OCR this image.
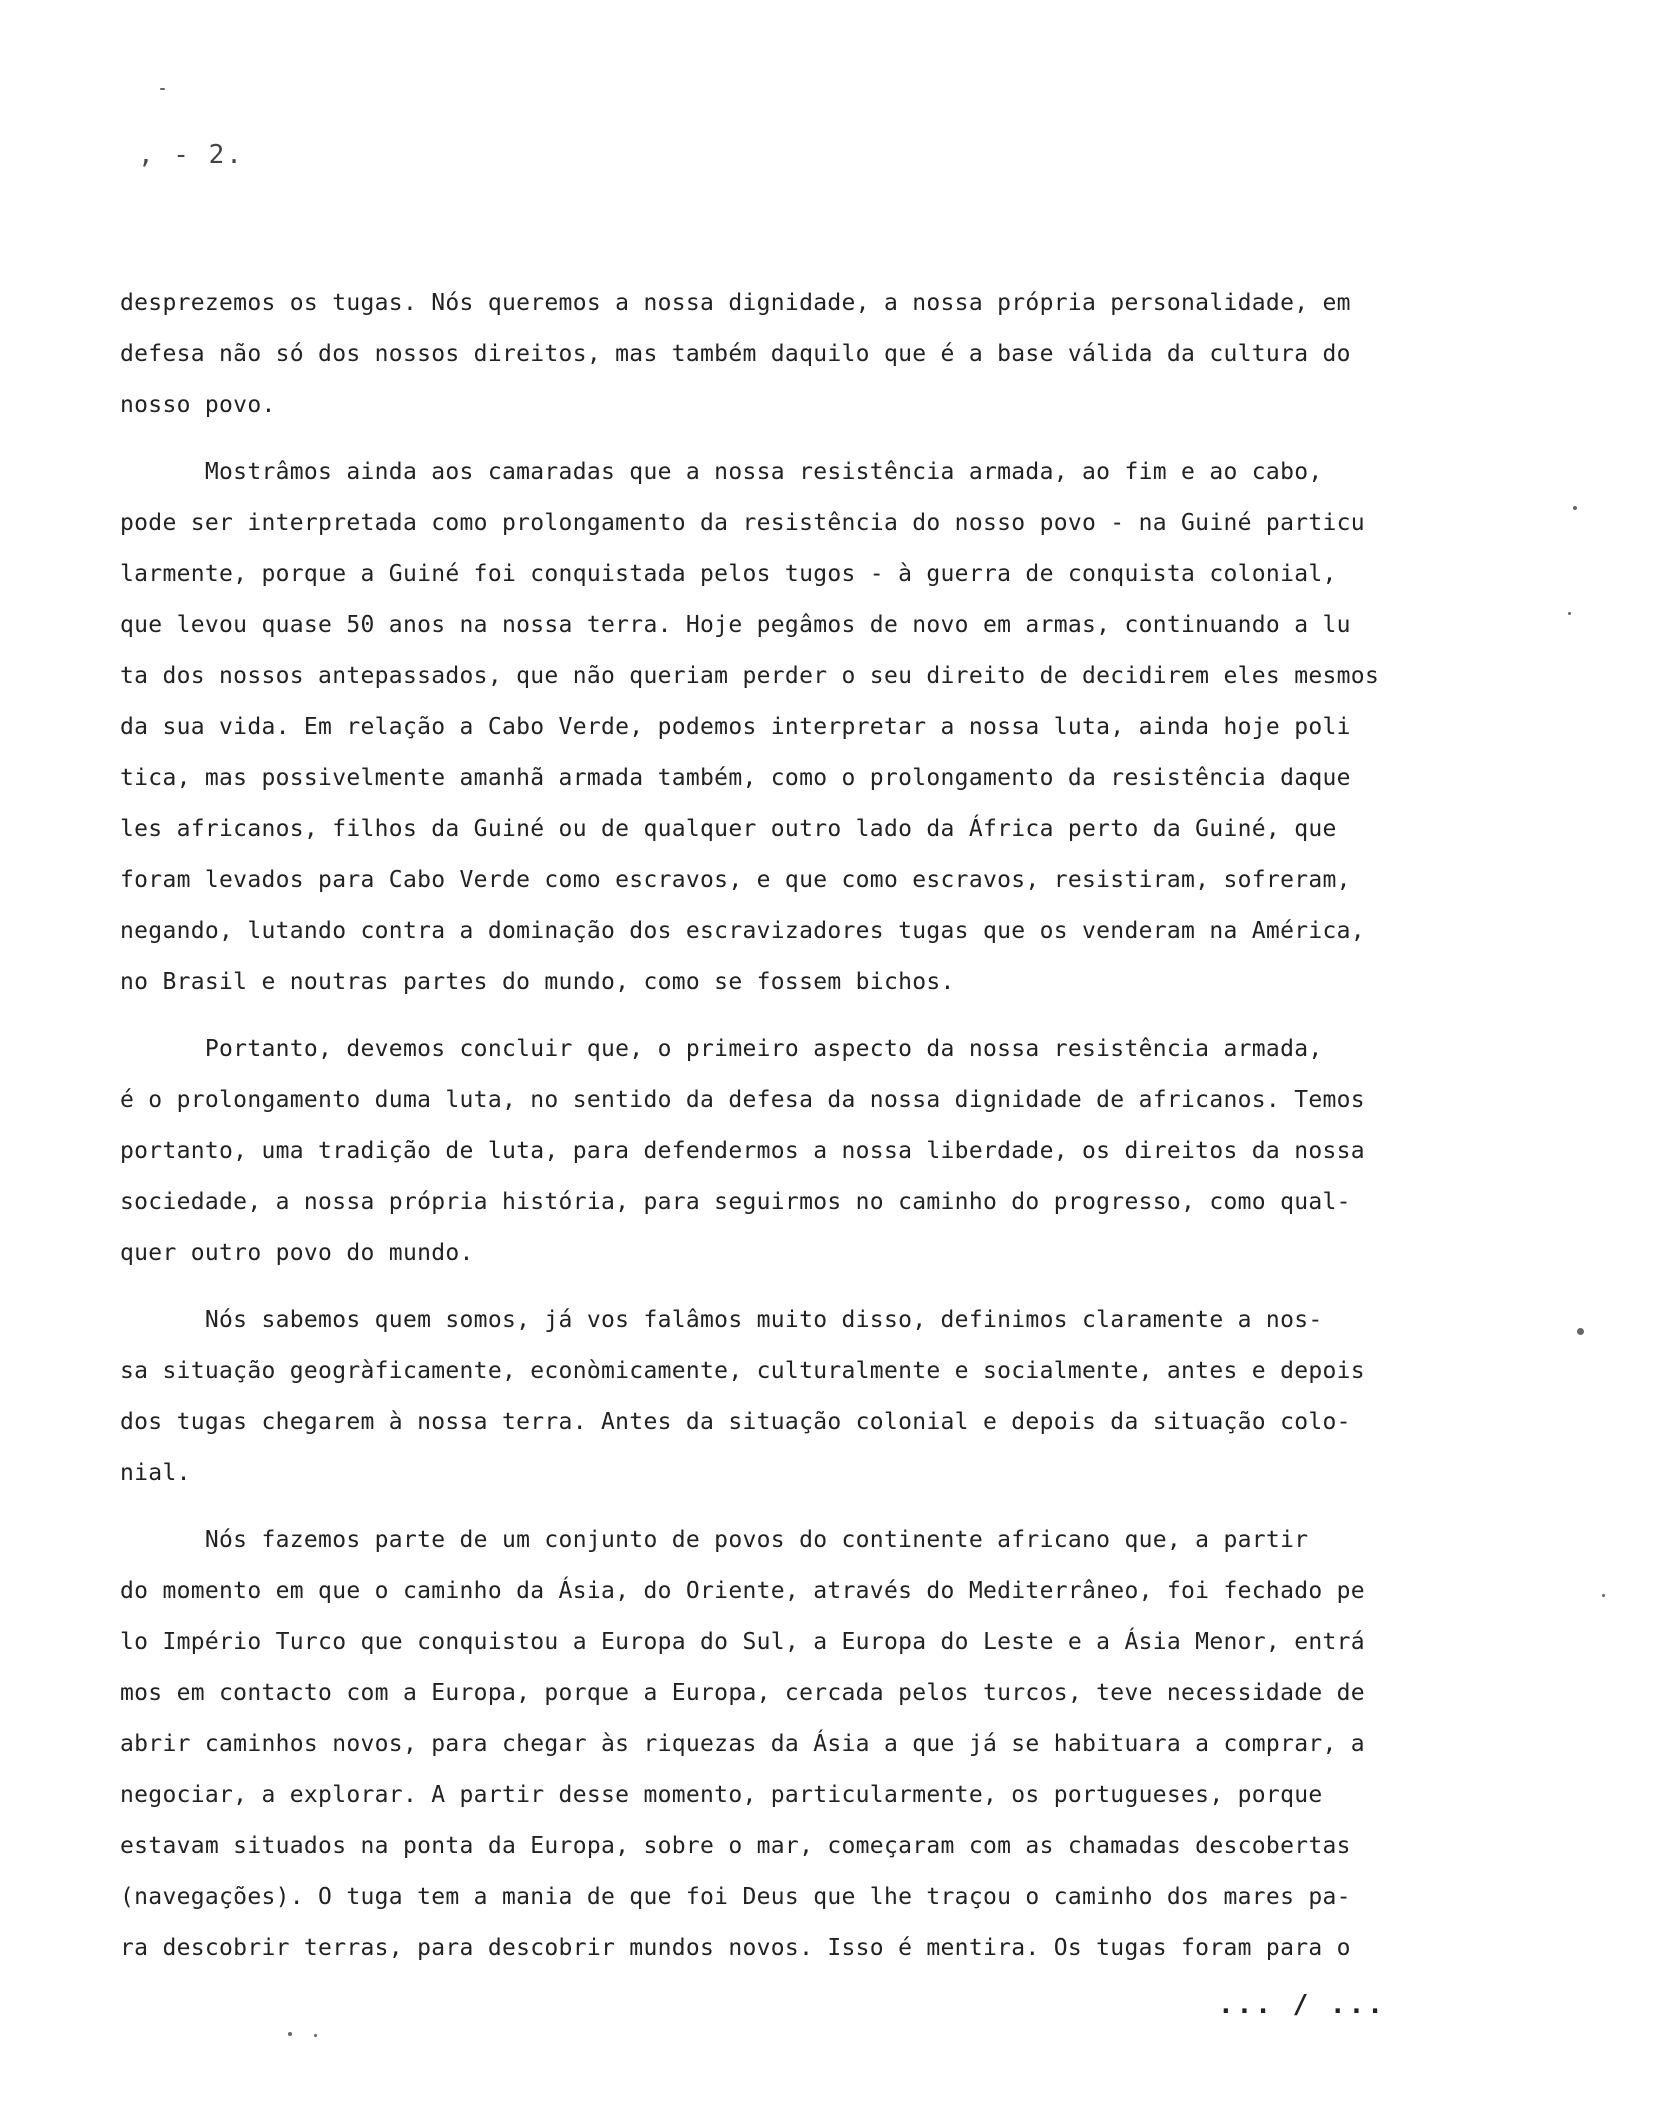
, - 2.
desprezemos os tugas. Nós queremos a nossa dignidade, a nossa própria personalidade, em
defesa não só dos nossos direitos, mas também daquilo que é a base válida da cultura do
nosso povo.
Mostrâmos ainda aos camaradas que a nossa resistência armada, ao fim e ao cabo,
pode ser interpretada como prolongamento da resistência do nosso povo - na Guiné particu
larmente, porque a Guiné foi conquistada pelos tugos - à guerra de conquista colonial,
que levou quase 50 anos na nossa terra. Hoje pegâmos de novo em armas, continuando a lu
ta dos nossos antepassados, que não queriam perder o seu direito de decidirem eles mesmos
da sua vida. Em relação a Cabo Verde, podemos interpretar a nossa luta, ainda hoje poli
tica, mas possivelmente amanhã armada também, como o prolongamento da resistência daque
les africanos, filhos da Guiné ou de qualquer outro lado da África perto da Guiné, que
foram levados para Cabo Verde como escravos, e que como escravos, resistiram, sofreram,
negando, lutando contra a dominação dos escravizadores tugas que os venderam na América,
no Brasil e noutras partes do mundo, como se fossem bichos.
Portanto, devemos concluir que, o primeiro aspecto da nossa resistência armada,
é o prolongamento duma luta, no sentido da defesa da nossa dignidade de africanos. Temos
portanto, uma tradição de luta, para defendermos a nossa liberdade, os direitos da nossa
sociedade, a nossa própria história, para seguirmos no caminho do progresso, como qual-
quer outro povo do mundo.
Nós sabemos quem somos, já vos falâmos muito disso, definimos claramente a nos-
sa situação geogràficamente, econòmicamente, culturalmente e socialmente, antes e depois
dos tugas chegarem à nossa terra. Antes da situação colonial e depois da situação colo-
nial.
Nós fazemos parte de um conjunto de povos do continente africano que, a partir
do momento em que o caminho da Ásia, do Oriente, através do Mediterrâneo, foi fechado pe
lo Império Turco que conquistou a Europa do Sul, a Europa do Leste e a Ásia Menor, entrá
mos em contacto com a Europa, porque a Europa, cercada pelos turcos, teve necessidade de
abrir caminhos novos, para chegar às riquezas da Ásia a que já se habituara a comprar, a
negociar, a explorar. A partir desse momento, particularmente, os portugueses, porque
estavam situados na ponta da Europa, sobre o mar, começaram com as chamadas descobertas
(navegações). O tuga tem a mania de que foi Deus que lhe traçou o caminho dos mares pa-
ra descobrir terras, para descobrir mundos novos. Isso é mentira. Os tugas foram para o
... / ...
